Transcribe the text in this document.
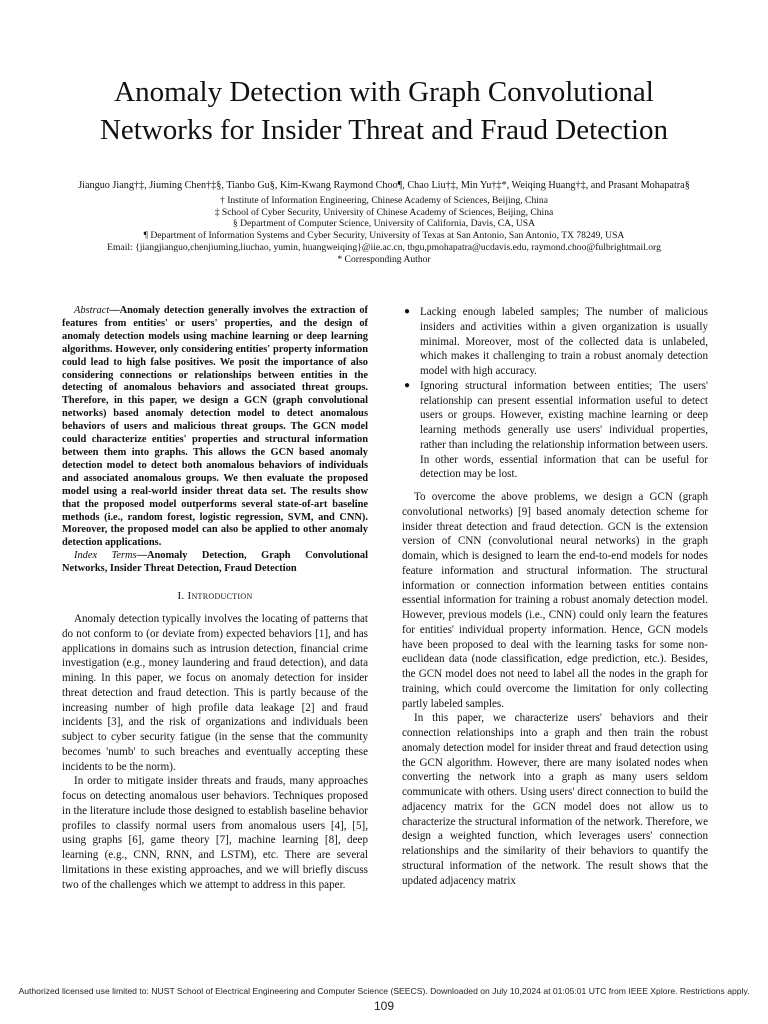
Anomaly Detection with Graph Convolutional
Networks for Insider Threat and Fraud Detection
Jianguo Jiang†‡, Jiuming Chen†‡§, Tianbo Gu§, Kim-Kwang Raymond Choo¶, Chao Liu†‡, Min Yu†‡*, Weiqing Huang†‡, and Prasant Mohapatra§
† Institute of Information Engineering, Chinese Academy of Sciences, Beijing, China
‡ School of Cyber Security, University of Chinese Academy of Sciences, Beijing, China
§ Department of Computer Science, University of California, Davis, CA, USA
¶ Department of Information Systems and Cyber Security, University of Texas at San Antonio, San Antonio, TX 78249, USA
Email: {jiangjianguo,chenjiuming,liuchao, yumin, huangweiqing}@iie.ac.cn, tbgu,pmohapatra@ucdavis.edu, raymond.choo@fulbrightmail.org
* Corresponding Author

Abstract—Anomaly detection generally involves the extraction of features from entities' or users' properties, and the design of anomaly detection models using machine learning or deep learning algorithms. However, only considering entities' property information could lead to high false positives. We posit the importance of also considering connections or relationships between entities in the detecting of anomalous behaviors and associated threat groups. Therefore, in this paper, we design a GCN (graph convolutional networks) based anomaly detection model to detect anomalous behaviors of users and malicious threat groups. The GCN model could characterize entities' properties and structural information between them into graphs. This allows the GCN based anomaly detection model to detect both anomalous behaviors of individuals and associated anomalous groups. We then evaluate the proposed model using a real-world insider threat data set. The results show that the proposed model outperforms several state-of-art baseline methods (i.e., random forest, logistic regression, SVM, and CNN). Moreover, the proposed model can also be applied to other anomaly detection applications.

Index Terms—Anomaly Detection, Graph Convolutional Networks, Insider Threat Detection, Fraud Detection

I. Introduction

Anomaly detection typically involves the locating of patterns that do not conform to (or deviate from) expected behaviors [1], and has applications in domains such as intrusion detection, financial crime investigation (e.g., money laundering and fraud detection), and data mining. In this paper, we focus on anomaly detection for insider threat detection and fraud detection. This is partly because of the increasing number of high profile data leakage [2] and fraud incidents [3], and the risk of organizations and individuals been subject to cyber security fatigue (in the sense that the community becomes 'numb' to such breaches and eventually accepting these incidents to be the norm).

In order to mitigate insider threats and frauds, many approaches focus on detecting anomalous user behaviors. Techniques proposed in the literature include those designed to establish baseline behavior profiles to classify normal users from anomalous users [4], [5], using graphs [6], game theory [7], machine learning [8], deep learning (e.g., CNN, RNN, and LSTM), etc. There are several limitations in these existing approaches, and we will briefly discuss two of the challenges which we attempt to address in this paper.

● Lacking enough labeled samples; The number of malicious insiders and activities within a given organization is usually minimal. Moreover, most of the collected data is unlabeled, which makes it challenging to train a robust anomaly detection model with high accuracy.
● Ignoring structural information between entities; The users' relationship can present essential information useful to detect users or groups. However, existing machine learning or deep learning methods generally use users' individual properties, rather than including the relationship information between users. In other words, essential information that can be useful for detection may be lost.

To overcome the above problems, we design a GCN (graph convolutional networks) [9] based anomaly detection scheme for insider threat detection and fraud detection. GCN is the extension version of CNN (convolutional neural networks) in the graph domain, which is designed to learn the end-to-end models for nodes feature information and structural information. The structural information or connection information between entities contains essential information for training a robust anomaly detection model. However, previous models (i.e., CNN) could only learn the features for entities' individual property information. Hence, GCN models have been proposed to deal with the learning tasks for some non-euclidean data (node classification, edge prediction, etc.). Besides, the GCN model does not need to label all the nodes in the graph for training, which could overcome the limitation for only collecting partly labeled samples.

In this paper, we characterize users' behaviors and their connection relationships into a graph and then train the robust anomaly detection model for insider threat and fraud detection using the GCN algorithm. However, there are many isolated nodes when converting the network into a graph as many users seldom communicate with others. Using users' direct connection to build the adjacency matrix for the GCN model does not allow us to characterize the structural information of the network. Therefore, we design a weighted function, which leverages users' connection relationships and the similarity of their behaviors to quantify the structural information of the network. The result shows that the updated adjacency matrix

Authorized licensed use limited to: NUST School of Electrical Engineering and Computer Science (SEECS). Downloaded on July 10,2024 at 01:05:01 UTC from IEEE Xplore. Restrictions apply.
109
